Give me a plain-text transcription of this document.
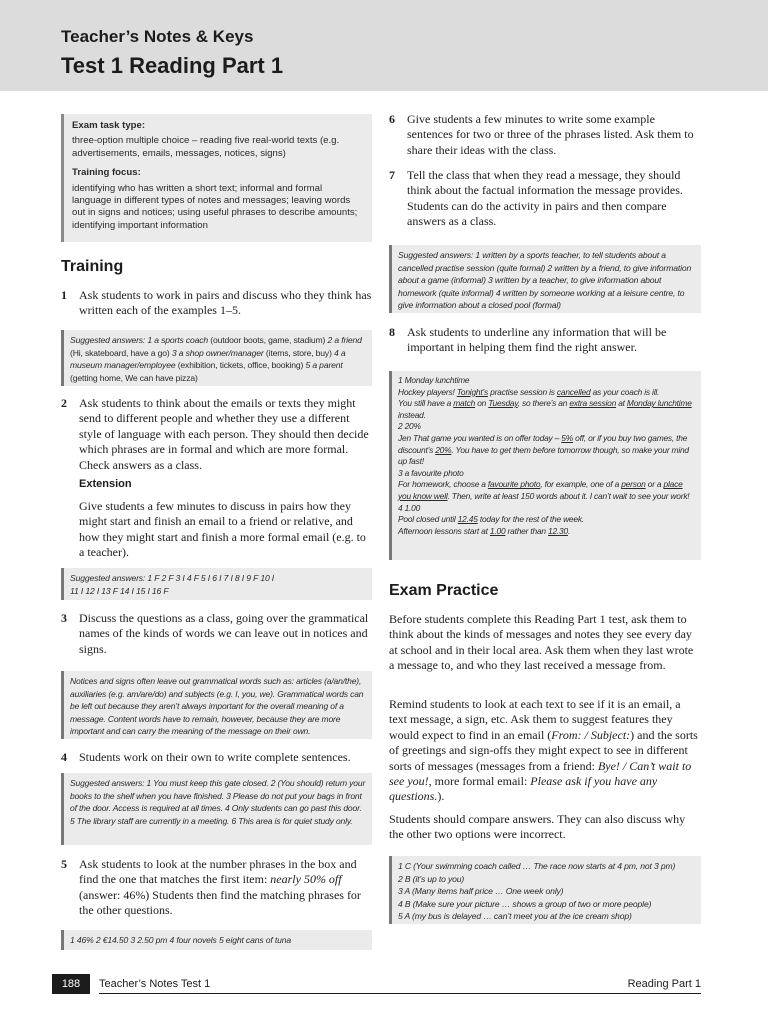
Teacher’s Notes & Keys
Test 1 Reading Part 1
Exam task type:
three-option multiple choice – reading five real-world texts (e.g. advertisements, emails, messages, notices, signs)
Training focus:
identifying who has written a short text; informal and formal language in different types of notes and messages; leaving words out in signs and notices; using useful phrases to describe amounts; identifying important information
Training
1	Ask students to work in pairs and discuss who they think has written each of the examples 1–5.
Suggested answers: 1 a sports coach (outdoor boots, game, stadium) 2 a friend (Hi, skateboard, have a go) 3 a shop owner/manager (items, store, buy) 4 a museum manager/employee (exhibition, tickets, office, booking) 5 a parent (getting home, We can have pizza)
2	Ask students to think about the emails or texts they might send to different people and whether they use a different style of language with each person. They should then decide which phrases are in formal and which are more formal. Check answers as a class.
Extension
Give students a few minutes to discuss in pairs how they might start and finish an email to a friend or relative, and how they might start and finish a more formal email (e.g. to a teacher).
Suggested answers: 1 F 2 F 3 I 4 F 5 I 6 I 7 I 8 I 9 F 10 I
11 I 12 I 13 F 14 I 15 I 16 F
3	Discuss the questions as a class, going over the grammatical names of the kinds of words we can leave out in notices and signs.
Notices and signs often leave out grammatical words such as: articles (a/an/the), auxiliaries (e.g. am/are/do) and subjects (e.g. I, you, we). Grammatical words can be left out because they aren’t always important for the overall meaning of a message. Content words have to remain, however, because they are more important and can carry the meaning of the message on their own.
4	Students work on their own to write complete sentences.
Suggested answers: 1 You must keep this gate closed. 2 (You should) return your books to the shelf when you have finished. 3 Please do not put your bags in front of the door. Access is required at all times. 4 Only students can go past this door. 5 The library staff are currently in a meeting. 6 This area is for quiet study only.
5	Ask students to look at the number phrases in the box and find the one that matches the first item: nearly 50% off (answer: 46%) Students then find the matching phrases for the other questions.
1 46% 2 €14.50 3 2.50 pm 4 four novels 5 eight cans of tuna
6	Give students a few minutes to write some example sentences for two or three of the phrases listed. Ask them to share their ideas with the class.
7	Tell the class that when they read a message, they should think about the factual information the message provides. Students can do the activity in pairs and then compare answers as a class.
Suggested answers: 1 written by a sports teacher, to tell students about a cancelled practise session (quite formal) 2 written by a friend, to give information about a game (informal) 3 written by a teacher, to give information about homework (quite informal) 4 written by someone working at a leisure centre, to give information about a closed pool (formal)
8	Ask students to underline any information that will be important in helping them find the right answer.
1 Monday lunchtime
Hockey players! Tonight’s practise session is cancelled as your coach is ill.
You still have a match on Tuesday, so there’s an extra session at Monday lunchtime instead.
2 20%
Jen That game you wanted is on offer today – 5% off, or if you buy two games, the discount’s 20%. You have to get them before tomorrow though, so make your mind up fast!
3 a favourite photo
For homework, choose a favourite photo, for example, one of a person or a place you know well. Then, write at least 150 words about it. I can’t wait to see your work!
4 1.00
Pool closed until 12.45 today for the rest of the week.
Afternoon lessons start at 1.00 rather than 12.30.
Exam Practice
Before students complete this Reading Part 1 test, ask them to think about the kinds of messages and notes they see every day at school and in their local area. Ask them when they last wrote a message to, and who they last received a message from.
Remind students to look at each text to see if it is an email, a text message, a sign, etc. Ask them to suggest features they would expect to find in an email (From: / Subject:) and the sorts of greetings and sign-offs they might expect to see in different sorts of messages (messages from a friend: Bye! / Can’t wait to see you!, more formal email: Please ask if you have any questions.).
Students should compare answers. They can also discuss why the other two options were incorrect.
1 C (Your swimming coach called … The race now starts at 4 pm, not 3 pm)
2 B (it’s up to you)
3 A (Many items half price … One week only)
4 B (Make sure your picture … shows a group of two or more people)
5 A (my bus is delayed … can’t meet you at the ice cream shop)
188	Teacher’s Notes Test 1	Reading Part 1
